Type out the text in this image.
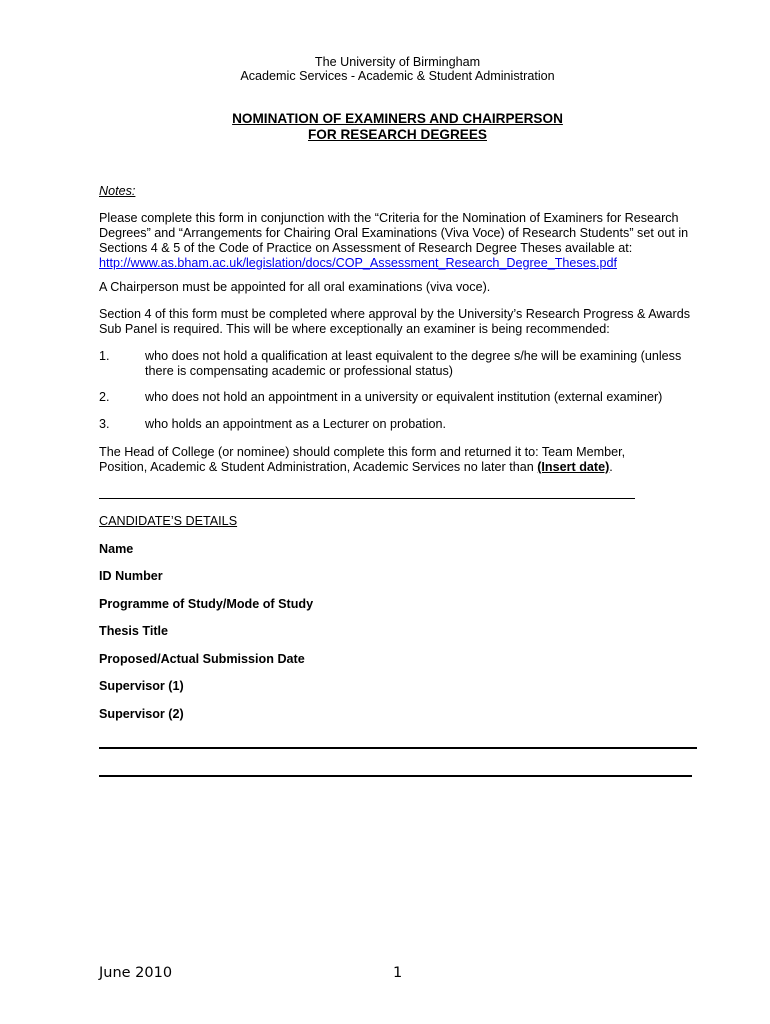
The University of Birmingham
Academic Services - Academic & Student Administration
NOMINATION OF EXAMINERS AND CHAIRPERSON
FOR RESEARCH DEGREES
Notes:
Please complete this form in conjunction with the “Criteria for the Nomination of Examiners for Research Degrees” and “Arrangements for Chairing Oral Examinations (Viva Voce) of Research Students” set out in Sections 4 & 5 of the Code of Practice on Assessment of Research Degree Theses available at: http://www.as.bham.ac.uk/legislation/docs/COP_Assessment_Research_Degree_Theses.pdf
A Chairperson must be appointed for all oral examinations (viva voce).
Section 4 of this form must be completed where approval by the University’s Research Progress & Awards Sub Panel is required. This will be where exceptionally an examiner is being recommended:
1.	who does not hold a qualification at least equivalent to the degree s/he will be examining (unless there is compensating academic or professional status)
2.	who does not hold an appointment in a university or equivalent institution (external examiner)
3.	who holds an appointment as a Lecturer on probation.
The Head of College (or nominee) should complete this form and returned it to: Team Member, Position, Academic & Student Administration, Academic Services no later than (Insert date).
CANDIDATE’S DETAILS
Name
ID Number
Programme of Study/Mode of Study
Thesis Title
Proposed/Actual Submission Date
Supervisor (1)
Supervisor (2)
June 2010	1
